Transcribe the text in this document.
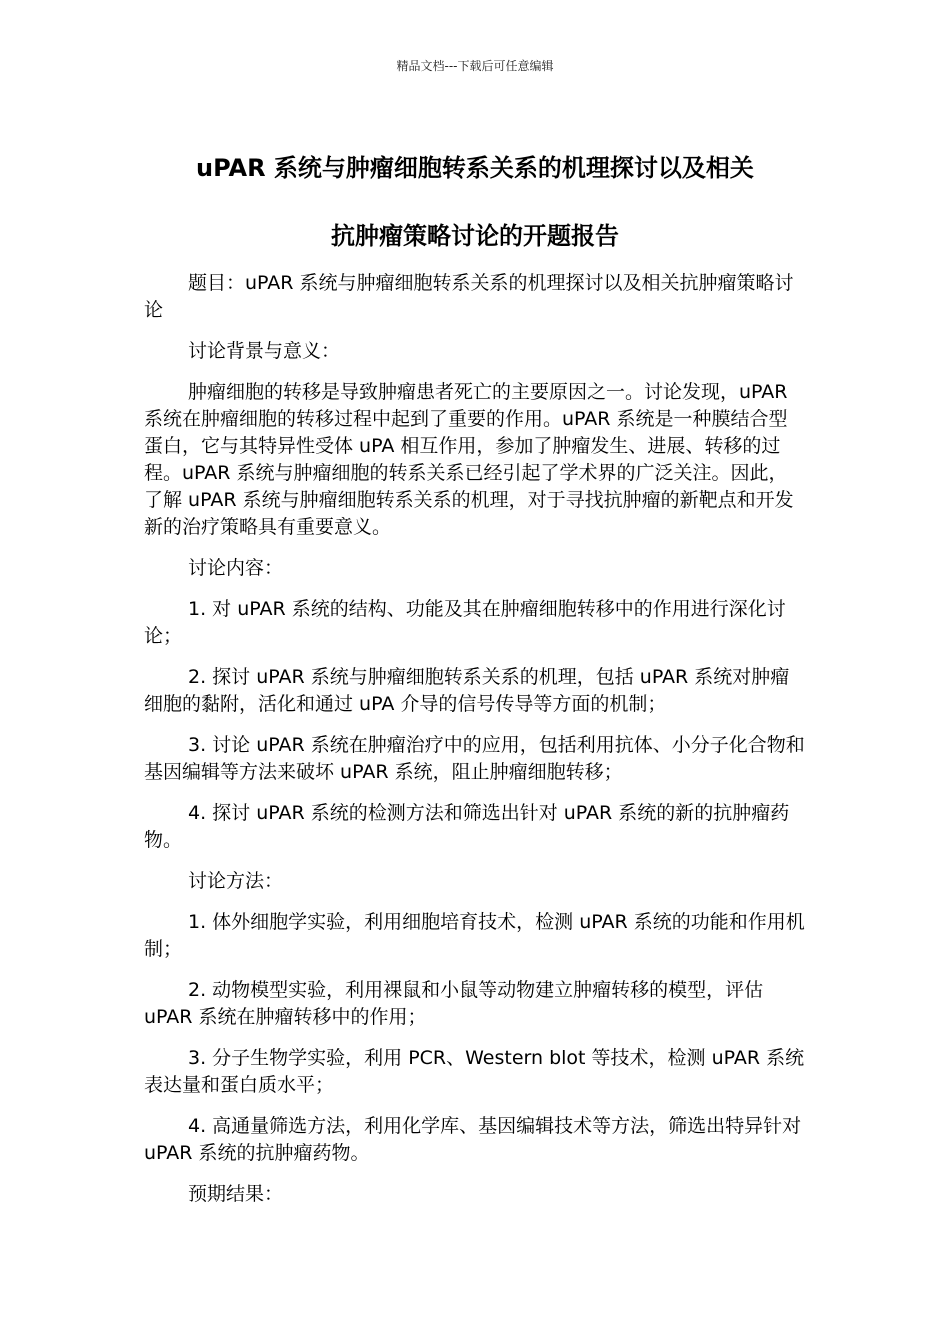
精品文档---下载后可任意编辑
uPAR 系统与肿瘤细胞转系关系的机理探讨以及相关
抗肿瘤策略讨论的开题报告

题目：uPAR 系统与肿瘤细胞转系关系的机理探讨以及相关抗肿瘤策略讨论

讨论背景与意义：

肿瘤细胞的转移是导致肿瘤患者死亡的主要原因之一。讨论发现，uPAR 系统在肿瘤细胞的转移过程中起到了重要的作用。uPAR 系统是一种膜结合型蛋白，它与其特异性受体 uPA 相互作用，参加了肿瘤发生、进展、转移的过程。uPAR 系统与肿瘤细胞的转系关系已经引起了学术界的广泛关注。因此，了解 uPAR 系统与肿瘤细胞转系关系的机理，对于寻找抗肿瘤的新靶点和开发新的治疗策略具有重要意义。

讨论内容：

1. 对 uPAR 系统的结构、功能及其在肿瘤细胞转移中的作用进行深化讨论；

2. 探讨 uPAR 系统与肿瘤细胞转系关系的机理，包括 uPAR 系统对肿瘤细胞的黏附，活化和通过 uPA 介导的信号传导等方面的机制；

3. 讨论 uPAR 系统在肿瘤治疗中的应用，包括利用抗体、小分子化合物和基因编辑等方法来破坏 uPAR 系统，阻止肿瘤细胞转移；

4. 探讨 uPAR 系统的检测方法和筛选出针对 uPAR 系统的新的抗肿瘤药物。

讨论方法：

1. 体外细胞学实验，利用细胞培育技术，检测 uPAR 系统的功能和作用机制；

2. 动物模型实验，利用裸鼠和小鼠等动物建立肿瘤转移的模型，评估 uPAR 系统在肿瘤转移中的作用；

3. 分子生物学实验，利用 PCR、Western blot 等技术，检测 uPAR 系统表达量和蛋白质水平；

4. 高通量筛选方法，利用化学库、基因编辑技术等方法，筛选出特异针对 uPAR 系统的抗肿瘤药物。

预期结果：
